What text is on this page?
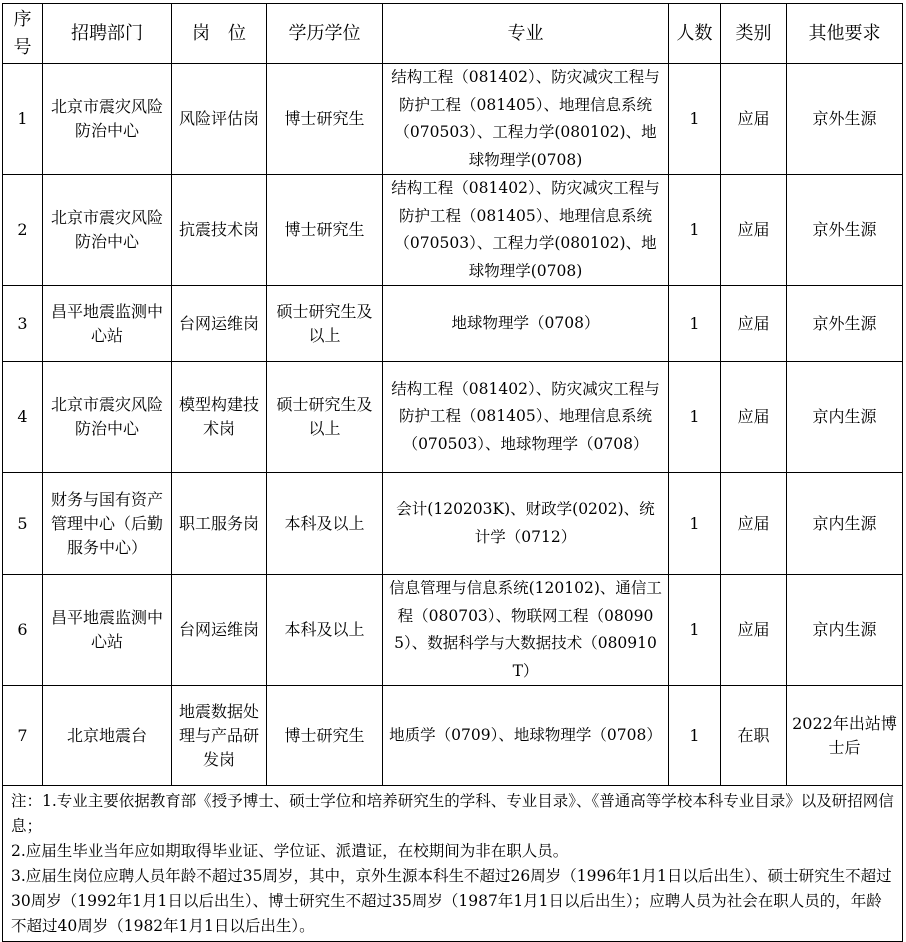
序号	招聘部门	岗　位	学历学位	专业	人数	类别	其他要求
1	北京市震灾风险防治中心	风险评估岗	博士研究生	结构工程（081402）、防灾减灾工程与防护工程（081405）、地理信息系统（070503）、工程力学(080102)、地球物理学(0708)	1	应届	京外生源
2	北京市震灾风险防治中心	抗震技术岗	博士研究生	结构工程（081402）、防灾减灾工程与防护工程（081405）、地理信息系统（070503）、工程力学(080102)、地球物理学(0708)	1	应届	京外生源
3	昌平地震监测中心站	台网运维岗	硕士研究生及以上	地球物理学（0708）	1	应届	京外生源
4	北京市震灾风险防治中心	模型构建技术岗	硕士研究生及以上	结构工程（081402）、防灾减灾工程与防护工程（081405）、地理信息系统（070503）、地球物理学（0708）	1	应届	京内生源
5	财务与国有资产管理中心（后勤服务中心）	职工服务岗	本科及以上	会计(120203K)、财政学(0202)、统计学（0712）	1	应届	京内生源
6	昌平地震监测中心站	台网运维岗	本科及以上	信息管理与信息系统(120102)、通信工程（080703）、物联网工程（080905）、数据科学与大数据技术（080910T）	1	应届	京内生源
7	北京地震台	地震数据处理与产品研发岗	博士研究生	地质学（0709）、地球物理学（0708）	1	在职	2022年出站博士后

注：1.专业主要依据教育部《授予博士、硕士学位和培养研究生的学科、专业目录》、《普通高等学校本科专业目录》以及研招网信息；

2.应届生毕业当年应如期取得毕业证、学位证、派遣证，在校期间为非在职人员。

3.应届生岗位应聘人员年龄不超过35周岁，其中，京外生源本科生不超过26周岁（1996年1月1日以后出生）、硕士研究生不超过30周岁（1992年1月1日以后出生）、博士研究生不超过35周岁（1987年1月1日以后出生）；应聘人员为社会在职人员的，年龄不超过40周岁（1982年1月1日以后出生）。							
